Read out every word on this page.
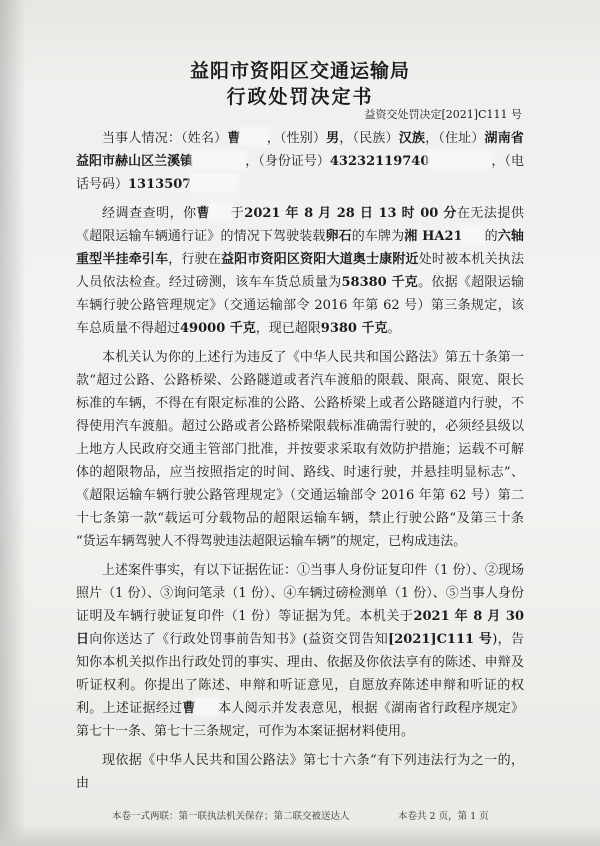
益阳市资阳区交通运输局
行政处罚决定书
益资交处罚决定[2021]C111 号

当事人情况：（姓名）曹 ，（性别）男，（民族）汉族，（住址）湖南省益阳市赫山区兰溪镇	，（身份证号）43232119740	，（电话号码）1313507

经调查查明，你曹 于2021 年 8 月 28 日 13 时 00 分在无法提供《超限运输车辆通行证》的情况下驾驶装载卵石的车牌为湘 HA21 的六轴重型半挂牵引车，行驶在益阳市资阳区资阳大道奥士康附近处时被本机关执法人员依法检查。经过磅测，该车车货总质量为58380 千克。依据《超限运输车辆行驶公路管理规定》（交通运输部令 2016 年第 62 号）第三条规定，该车总质量不得超过49000 千克，现已超限9380 千克。

本机关认为你的上述行为违反了《中华人民共和国公路法》第五十条第一款“超过公路、公路桥梁、公路隧道或者汽车渡船的限载、限高、限宽、限长标准的车辆，不得在有限定标准的公路、公路桥梁上或者公路隧道内行驶，不得使用汽车渡船。超过公路或者公路桥梁限载标准确需行驶的，必须经县级以上地方人民政府交通主管部门批准，并按要求采取有效防护措施；运载不可解体的超限物品，应当按照指定的时间、路线、时速行驶，并悬挂明显标志”、《超限运输车辆行驶公路管理规定》（交通运输部令 2016 年第 62 号）第二十七条第一款“载运可分载物品的超限运输车辆，禁止行驶公路”及第三十条 “货运车辆驾驶人不得驾驶违法超限运输车辆”的规定，已构成违法。

上述案件事实，有以下证据佐证：①当事人身份证复印件（1 份）、②现场照片（1 份）、③询问笔录（1 份）、④车辆过磅检测单（1 份）、⑤当事人身份证明及车辆行驶证复印件（1 份）等证据为凭。本机关于2021 年 8 月 30 日向你送达了《行政处罚事前告知书》(益资交罚告知[2021]C111 号)，告知你本机关拟作出行政处罚的事实、理由、依据及你依法享有的陈述、申辩及听证权利。你提出了陈述、申辩和听证意见，自愿放弃陈述申辩和听证的权利。上述证据经过曹 本人阅示并发表意见，根据《湖南省行政程序规定》第七十一条、第七十三条规定，可作为本案证据材料使用。

现依据《中华人民共和国公路法》第七十六条“有下列违法行为之一的，由

本卷一式两联：第一联执法机关保存；第二联交被送达人	本卷共 2 页，第 1 页
